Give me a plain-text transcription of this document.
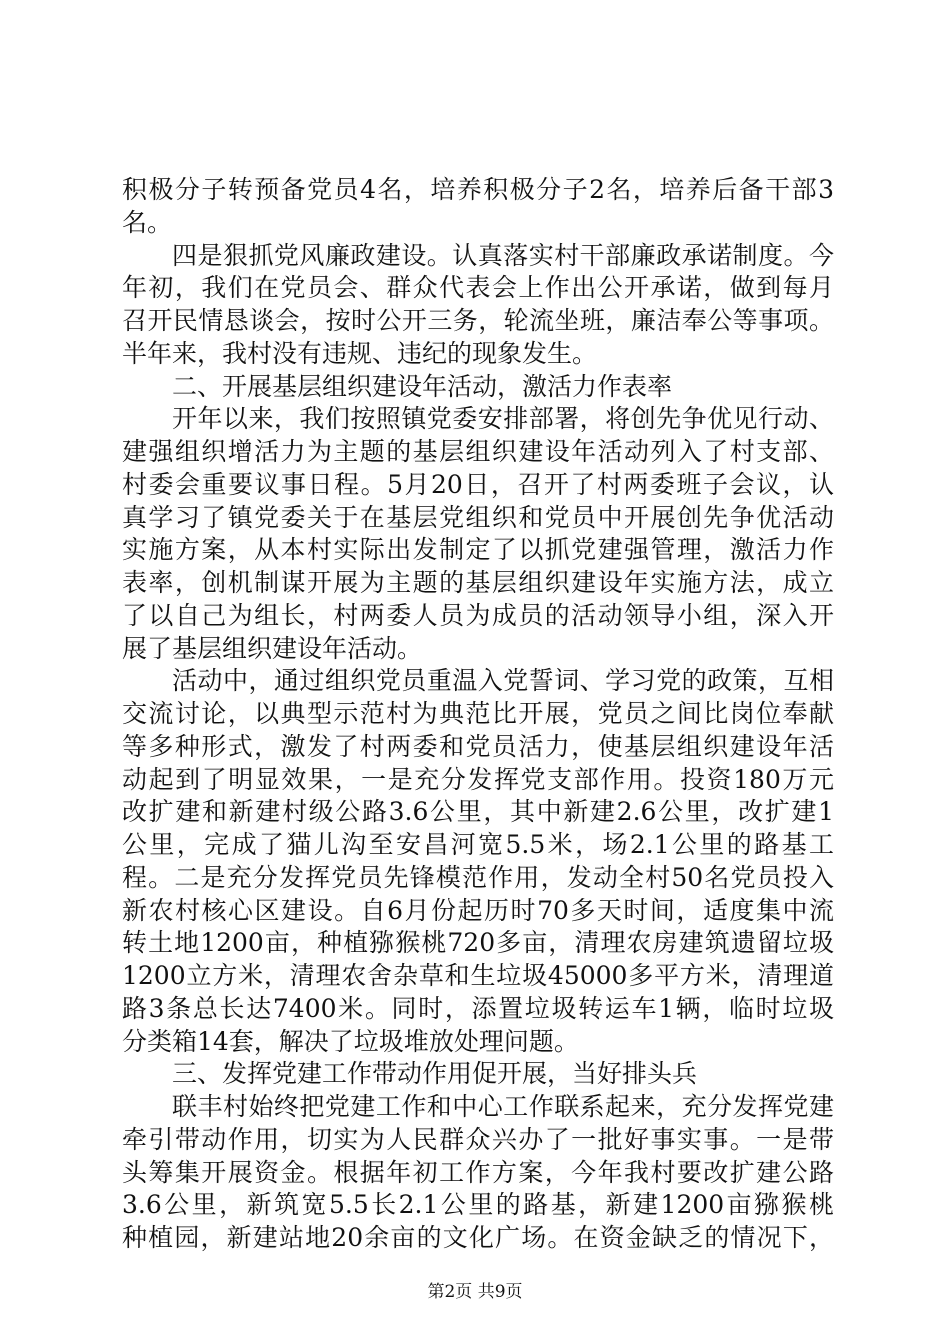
积极分子转预备党员4名，培养积极分子2名，培养后备干部3
名。
四是狠抓党风廉政建设。认真落实村干部廉政承诺制度。今
年初，我们在党员会、群众代表会上作出公开承诺，做到每月
召开民情恳谈会，按时公开三务，轮流坐班，廉洁奉公等事项。
半年来，我村没有违规、违纪的现象发生。
二、开展基层组织建设年活动，激活力作表率
开年以来，我们按照镇党委安排部署，将创先争优见行动、
建强组织增活力为主题的基层组织建设年活动列入了村支部、
村委会重要议事日程。5月20日，召开了村两委班子会议，认
真学习了镇党委关于在基层党组织和党员中开展创先争优活动
实施方案，从本村实际出发制定了以抓党建强管理，激活力作
表率，创机制谋开展为主题的基层组织建设年实施方法，成立
了以自己为组长，村两委人员为成员的活动领导小组，深入开
展了基层组织建设年活动。
活动中，通过组织党员重温入党誓词、学习党的政策，互相
交流讨论，以典型示范村为典范比开展，党员之间比岗位奉献
等多种形式，激发了村两委和党员活力，使基层组织建设年活
动起到了明显效果，一是充分发挥党支部作用。投资180万元
改扩建和新建村级公路3.6公里，其中新建2.6公里，改扩建1
公里，完成了猫儿沟至安昌河宽5.5米，场2.1公里的路基工
程。二是充分发挥党员先锋模范作用，发动全村50名党员投入
新农村核心区建设。自6月份起历时70多天时间，适度集中流
转土地1200亩，种植猕猴桃720多亩，清理农房建筑遗留垃圾
1200立方米，清理农舍杂草和生垃圾45000多平方米，清理道
路3条总长达7400米。同时，添置垃圾转运车1辆，临时垃圾
分类箱14套，解决了垃圾堆放处理问题。
三、发挥党建工作带动作用促开展，当好排头兵
联丰村始终把党建工作和中心工作联系起来，充分发挥党建
牵引带动作用，切实为人民群众兴办了一批好事实事。一是带
头筹集开展资金。根据年初工作方案，今年我村要改扩建公路
3.6公里，新筑宽5.5长2.1公里的路基，新建1200亩猕猴桃
种植园，新建站地20余亩的文化广场。在资金缺乏的情况下，
第2页 共9页
